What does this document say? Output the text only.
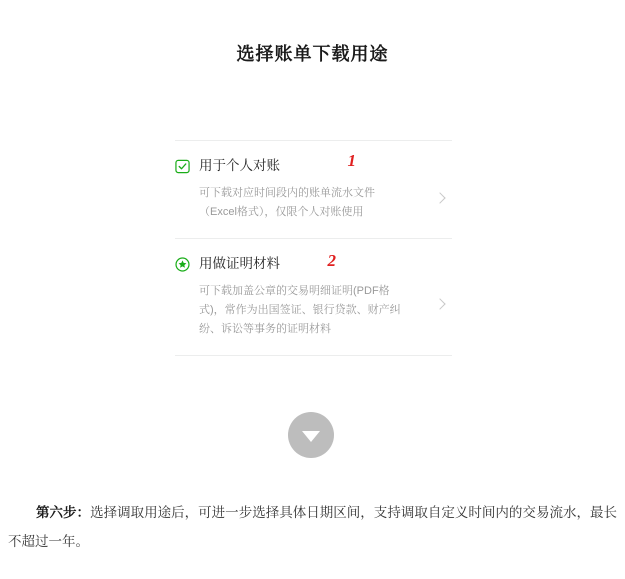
选择账单下载用途
用于个人对账	1
可下载对应时间段内的账单流水文件（Excel格式），仅限个人对账使用
用做证明材料	2
可下载加盖公章的交易明细证明(PDF格式)，常作为出国签证、银行贷款、财产纠纷、诉讼等事务的证明材料
第六步：选择调取用途后，可进一步选择具体日期区间，支持调取自定义时间内的交易流水，最长不超过一年。
